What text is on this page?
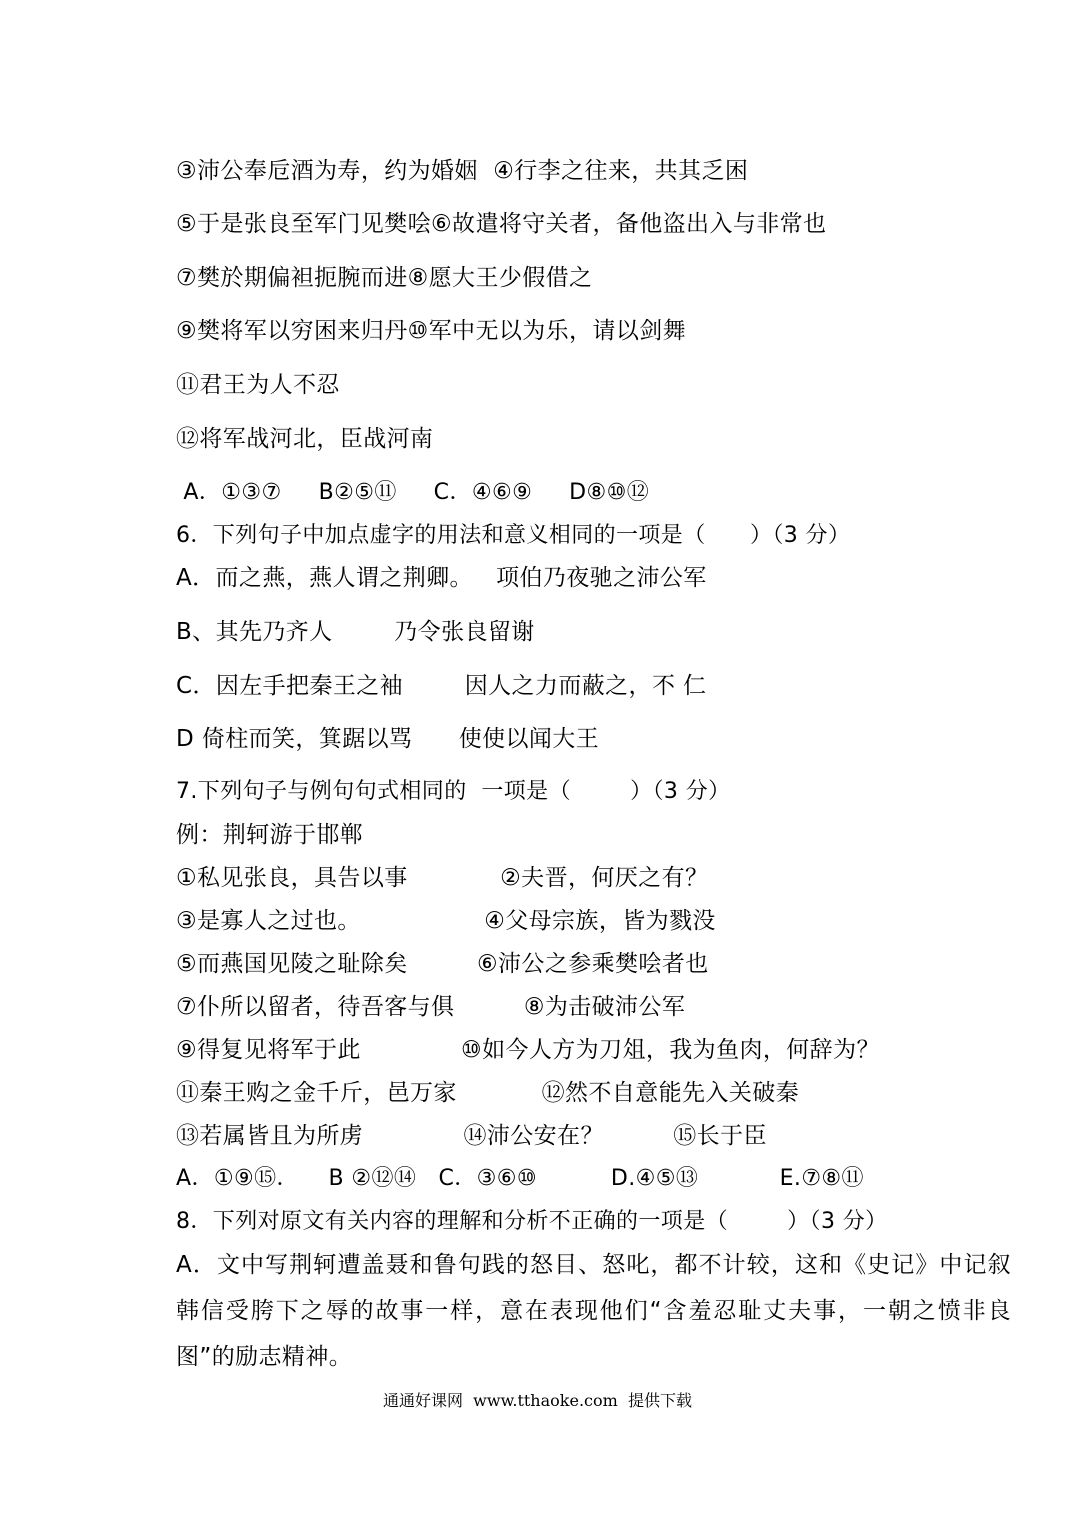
③沛公奉卮酒为寿，约为婚姻  ④行李之往来，共其乏困
⑤于是张良至军门见樊哙⑥故遣将守关者，备他盗出入与非常也
⑦樊於期偏袒扼腕而进⑧愿大王少假借之
⑨樊将军以穷困来归丹⑩军中无以为乐，请以剑舞
⑪君王为人不忍
⑫将军战河北，臣战河南
A．①③⑦     B②⑤⑪     C．④⑥⑨     D⑧⑩⑫
6．下列句子中加点虚字的用法和意义相同的一项是（      ）（3 分）
A．而之燕，燕人谓之荆卿。   项伯乃夜驰之沛公军
B、其先乃齐人        乃令张良留谢
C．因左手把秦王之袖        因人之力而蔽之，不 仁
D 倚柱而笑，箕踞以骂      使使以闻大王
7.下列句子与例句句式相同的  一项是（        ）（3 分）
例：荆轲游于邯郸
①私见张良，具告以事            ②夫晋，何厌之有？
③是寡人之过也。                ④父母宗族，皆为戮没
⑤而燕国见陵之耻除矣         ⑥沛公之参乘樊哙者也
⑦仆所以留者，待吾客与俱         ⑧为击破沛公军
⑨得复见将军于此             ⑩如今人方为刀俎，我为鱼肉，何辞为？
⑪秦王购之金千斤，邑万家           ⑫然不自意能先入关破秦
⑬若属皆且为所虏             ⑭沛公安在？         ⑮长于臣
A．①⑨⑮．    B ②⑫⑭   C．③⑥⑩          D.④⑤⑬           E.⑦⑧⑪
8．下列对原文有关内容的理解和分析不正确的一项是（        ）（3 分）
A．文中写荆轲遭盖聂和鲁句践的怒目、怒叱，都不计较，这和《史记》中记叙韩信受胯下之辱的故事一样，意在表现他们“含羞忍耻丈夫事，一朝之愤非良图”的励志精神。
通通好课网  www.tthaoke.com  提供下载
